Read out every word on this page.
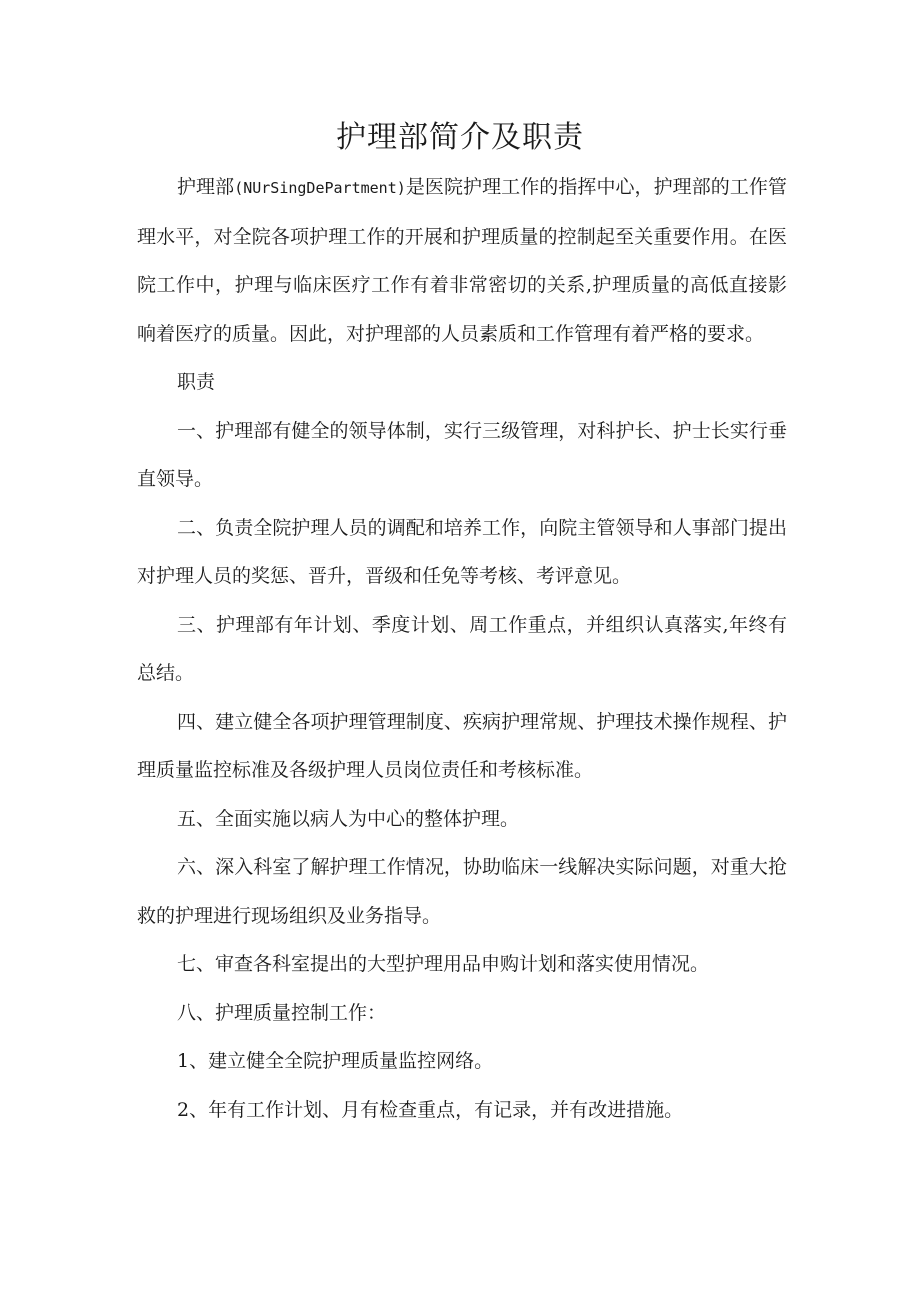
护理部简介及职责

护理部(NUrSingDePartment)是医院护理工作的指挥中心，护理部的工作管理水平，对全院各项护理工作的开展和护理质量的控制起至关重要作用。在医院工作中，护理与临床医疗工作有着非常密切的关系,护理质量的高低直接影响着医疗的质量。因此，对护理部的人员素质和工作管理有着严格的要求。

职责

一、护理部有健全的领导体制，实行三级管理，对科护长、护士长实行垂直领导。

二、负责全院护理人员的调配和培养工作，向院主管领导和人事部门提出对护理人员的奖惩、晋升，晋级和任免等考核、考评意见。

三、护理部有年计划、季度计划、周工作重点，并组织认真落实,年终有总结。

四、建立健全各项护理管理制度、疾病护理常规、护理技术操作规程、护理质量监控标准及各级护理人员岗位责任和考核标准。

五、全面实施以病人为中心的整体护理。

六、深入科室了解护理工作情况，协助临床一线解决实际问题，对重大抢救的护理进行现场组织及业务指导。

七、审查各科室提出的大型护理用品申购计划和落实使用情况。

八、护理质量控制工作：

1、建立健全全院护理质量监控网络。

2、年有工作计划、月有检查重点，有记录，并有改进措施。
